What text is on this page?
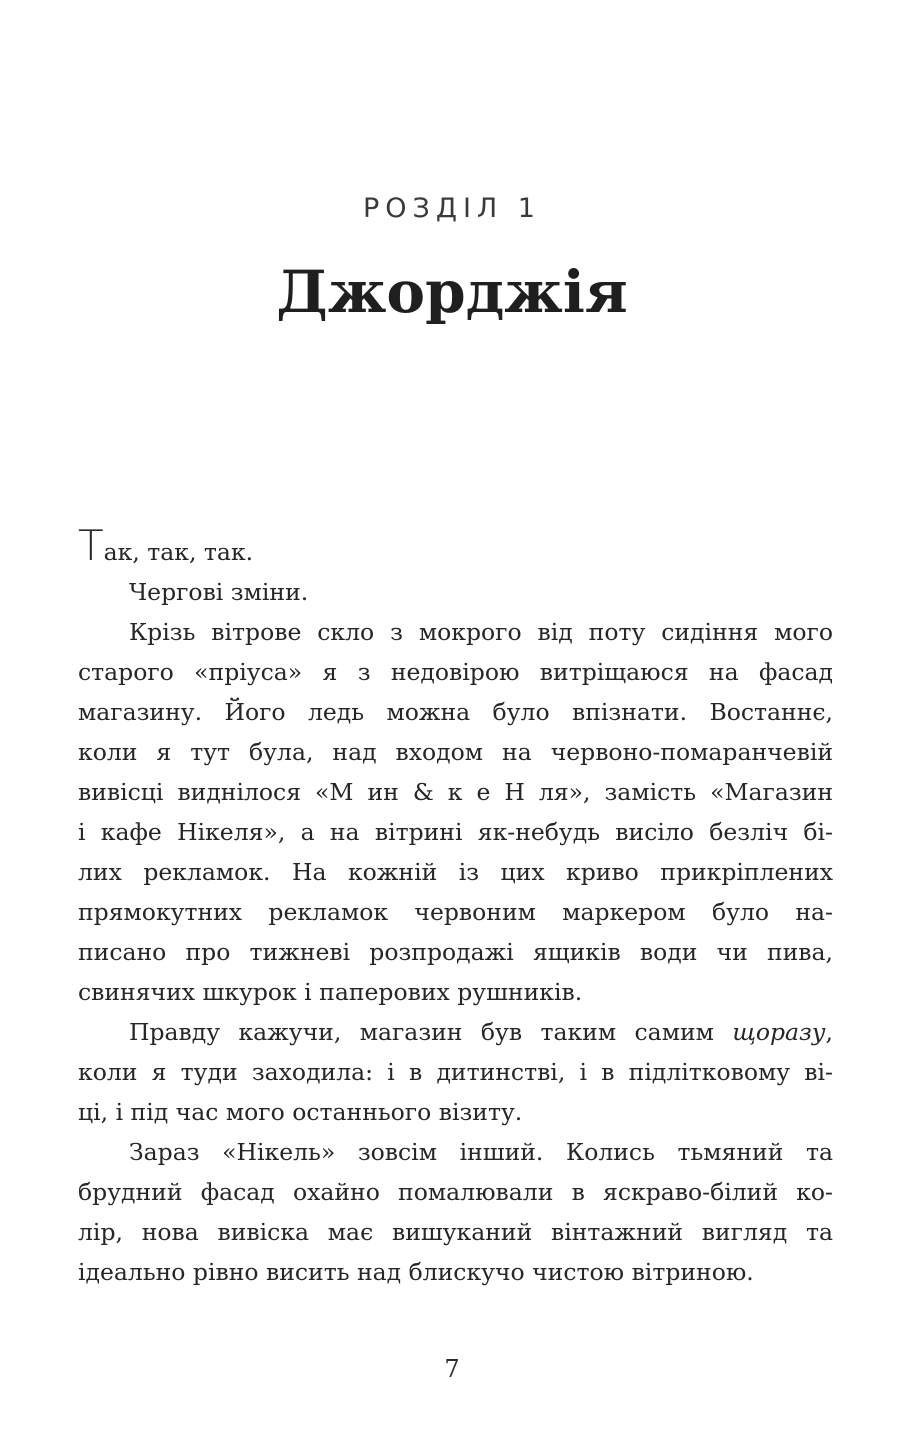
РОЗДІЛ 1
Джорджія
Так, так, так.
Чергові зміни.
Крізь вітрове скло з мокрого від поту сидіння мого
старого «пріуса» я з недовірою витріщаюся на фасад
магазину. Його ледь можна було впізнати. Востаннє,
коли я тут була, над входом на червоно-помаранчевій
вивісці виднілося «М ин & к е Н ля», замість «Магазин
і кафе Нікеля», а на вітрині як-небудь висіло безліч бі-
лих рекламок. На кожній із цих криво прикріплених
прямокутних рекламок червоним маркером було на-
писано про тижневі розпродажі ящиків води чи пива,
свинячих шкурок і паперових рушників.
Правду кажучи, магазин був таким самим щоразу,
коли я туди заходила: і в дитинстві, і в підлітковому ві-
ці, і під час мого останнього візиту.
Зараз «Нікель» зовсім інший. Колись тьмяний та
брудний фасад охайно помалювали в яскраво-білий ко-
лір, нова вивіска має вишуканий вінтажний вигляд та
ідеально рівно висить над блискучо чистою вітриною.
7
